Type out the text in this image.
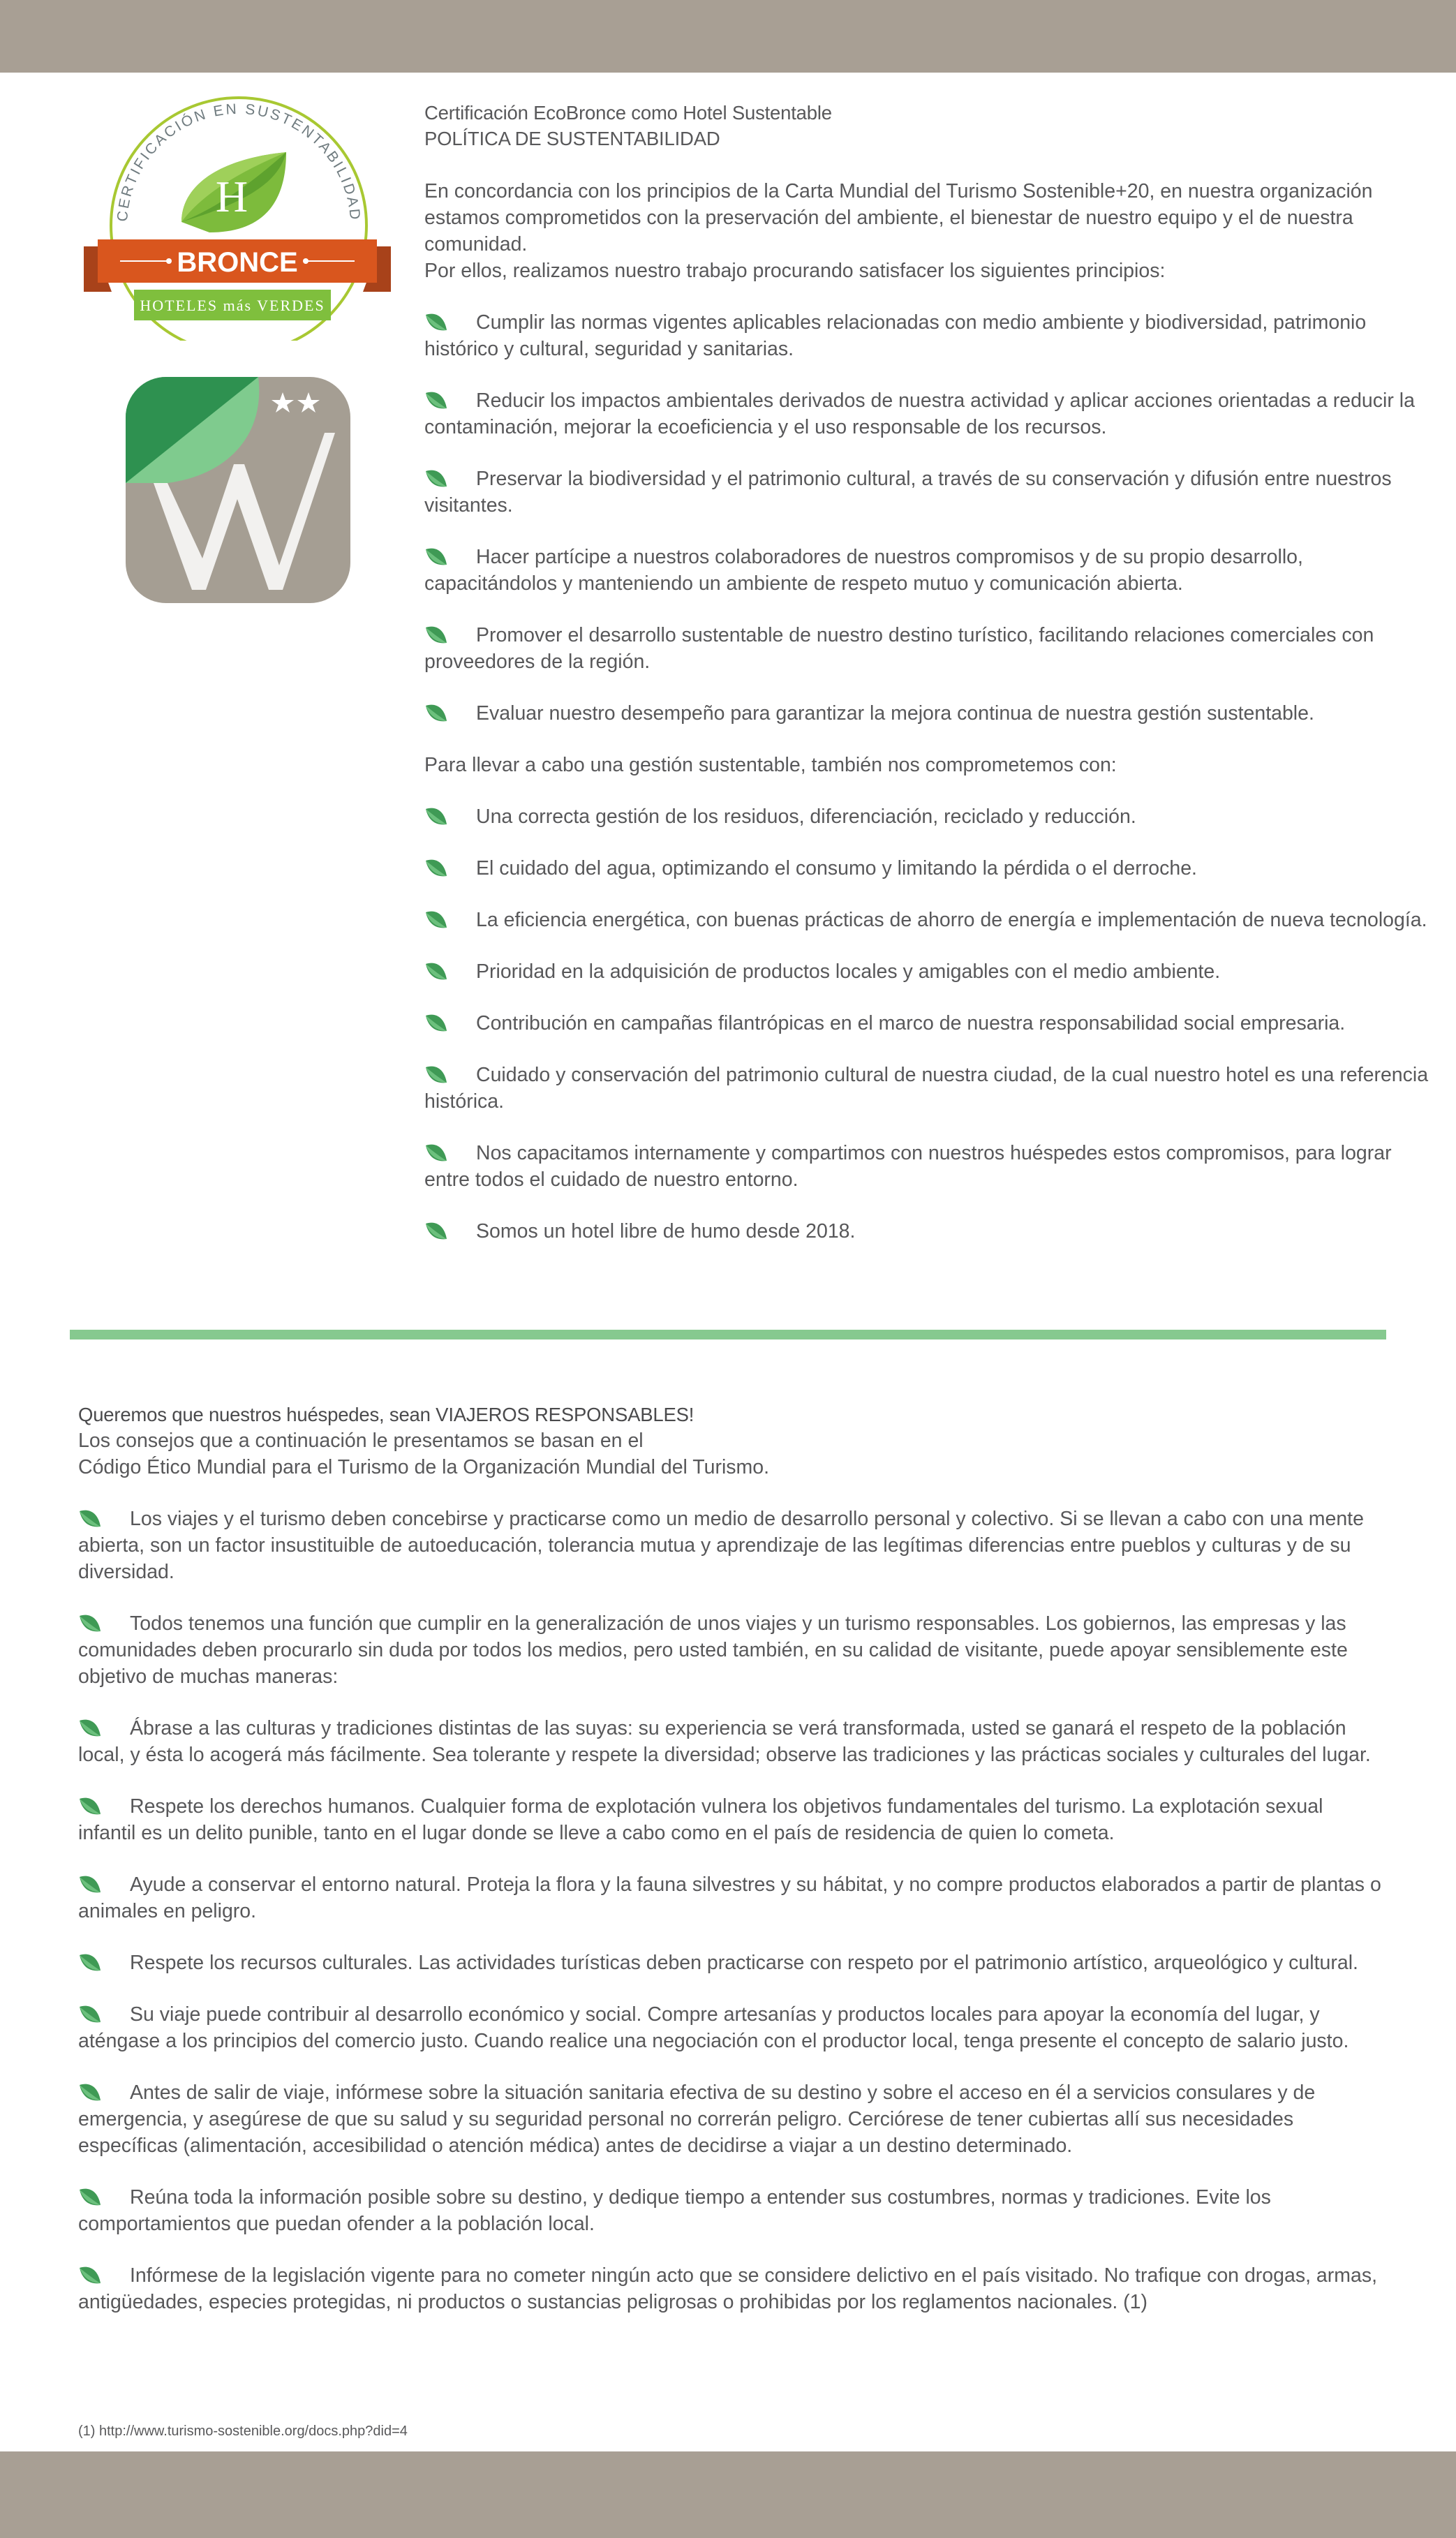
CERTIFICACIÓN EN SUSTENTABILIDAD
H
BRONCE
HOTELES más VERDES

Certificación EcoBronce como Hotel Sustentable

POLÍTICA DE SUSTENTABILIDAD

En concordancia con los principios de la Carta Mundial del Turismo Sostenible+20, en nuestra organización estamos comprometidos con la preservación del ambiente, el bienestar de nuestro equipo y el de nuestra comunidad.

Por ellos, realizamos nuestro trabajo procurando satisfacer los siguientes principios:

Cumplir las normas vigentes aplicables relacionadas con medio ambiente y biodiversidad, patrimonio histórico y cultural, seguridad y sanitarias.

Reducir los impactos ambientales derivados de nuestra actividad y aplicar acciones orientadas a reducir la contaminación, mejorar la ecoeficiencia y el uso responsable de los recursos.

Preservar la biodiversidad y el patrimonio cultural, a través de su conservación y difusión entre nuestros visitantes.

Hacer partícipe a nuestros colaboradores de nuestros compromisos y de su propio desarrollo, capacitándolos y manteniendo un ambiente de respeto mutuo y comunicación abierta.

Promover el desarrollo sustentable de nuestro destino turístico, facilitando relaciones comerciales con proveedores de la región.

Evaluar nuestro desempeño para garantizar la mejora continua de nuestra gestión sustentable.

Para llevar a cabo una gestión sustentable, también nos comprometemos con:

Una correcta gestión de los residuos, diferenciación, reciclado y reducción.

El cuidado del agua, optimizando el consumo y limitando la pérdida o el derroche.

La eficiencia energética, con buenas prácticas de ahorro de energía e implementación de nueva tecnología.

Prioridad en la adquisición de productos locales y amigables con el medio ambiente.

Contribución en campañas filantrópicas en el marco de nuestra responsabilidad social empresaria.

Cuidado y conservación del patrimonio cultural de nuestra ciudad, de la cual nuestro hotel es una referencia histórica.

Nos capacitamos internamente y compartimos con nuestros huéspedes estos compromisos, para lograr entre todos el cuidado de nuestro entorno.

Somos un hotel libre de humo desde 2018.

Queremos que nuestros huéspedes, sean VIAJEROS RESPONSABLES!

Los consejos que a continuación le presentamos se basan en el

Código Ético Mundial para el Turismo de la Organización Mundial del Turismo.

Los viajes y el turismo deben concebirse y practicarse como un medio de desarrollo personal y colectivo. Si se llevan a cabo con una mente abierta, son un factor insustituible de autoeducación, tolerancia mutua y aprendizaje de las legítimas diferencias entre pueblos y culturas y de su diversidad.

Todos tenemos una función que cumplir en la generalización de unos viajes y un turismo responsables. Los gobiernos, las empresas y las comunidades deben procurarlo sin duda por todos los medios, pero usted también, en su calidad de visitante, puede apoyar sensiblemente este objetivo de muchas maneras:

Ábrase a las culturas y tradiciones distintas de las suyas: su experiencia se verá transformada, usted se ganará el respeto de la población local, y ésta lo acogerá más fácilmente. Sea tolerante y respete la diversidad; observe las tradiciones y las prácticas sociales y culturales del lugar.

Respete los derechos humanos. Cualquier forma de explotación vulnera los objetivos fundamentales del turismo. La explotación sexual infantil es un delito punible, tanto en el lugar donde se lleve a cabo como en el país de residencia de quien lo cometa.

Ayude a conservar el entorno natural. Proteja la flora y la fauna silvestres y su hábitat, y no compre productos elaborados a partir de plantas o animales en peligro.

Respete los recursos culturales. Las actividades turísticas deben practicarse con respeto por el patrimonio artístico, arqueológico y cultural.

Su viaje puede contribuir al desarrollo económico y social. Compre artesanías y productos locales para apoyar la economía del lugar, y aténgase a los principios del comercio justo. Cuando realice una negociación con el productor local, tenga presente el concepto de salario justo.

Antes de salir de viaje, infórmese sobre la situación sanitaria efectiva de su destino y sobre el acceso en él a servicios consulares y de emergencia, y asegúrese de que su salud y su seguridad personal no correrán peligro. Cerciórese de tener cubiertas allí sus necesidades específicas (alimentación, accesibilidad o atención médica) antes de decidirse a viajar a un destino determinado.

Reúna toda la información posible sobre su destino, y dedique tiempo a entender sus costumbres, normas y tradiciones. Evite los comportamientos que puedan ofender a la población local.

Infórmese de la legislación vigente para no cometer ningún acto que se considere delictivo en el país visitado. No trafique con drogas, armas, antigüedades, especies protegidas, ni productos o sustancias peligrosas o prohibidas por los reglamentos nacionales. (1)

(1) http://www.turismo-sostenible.org/docs.php?did=4
